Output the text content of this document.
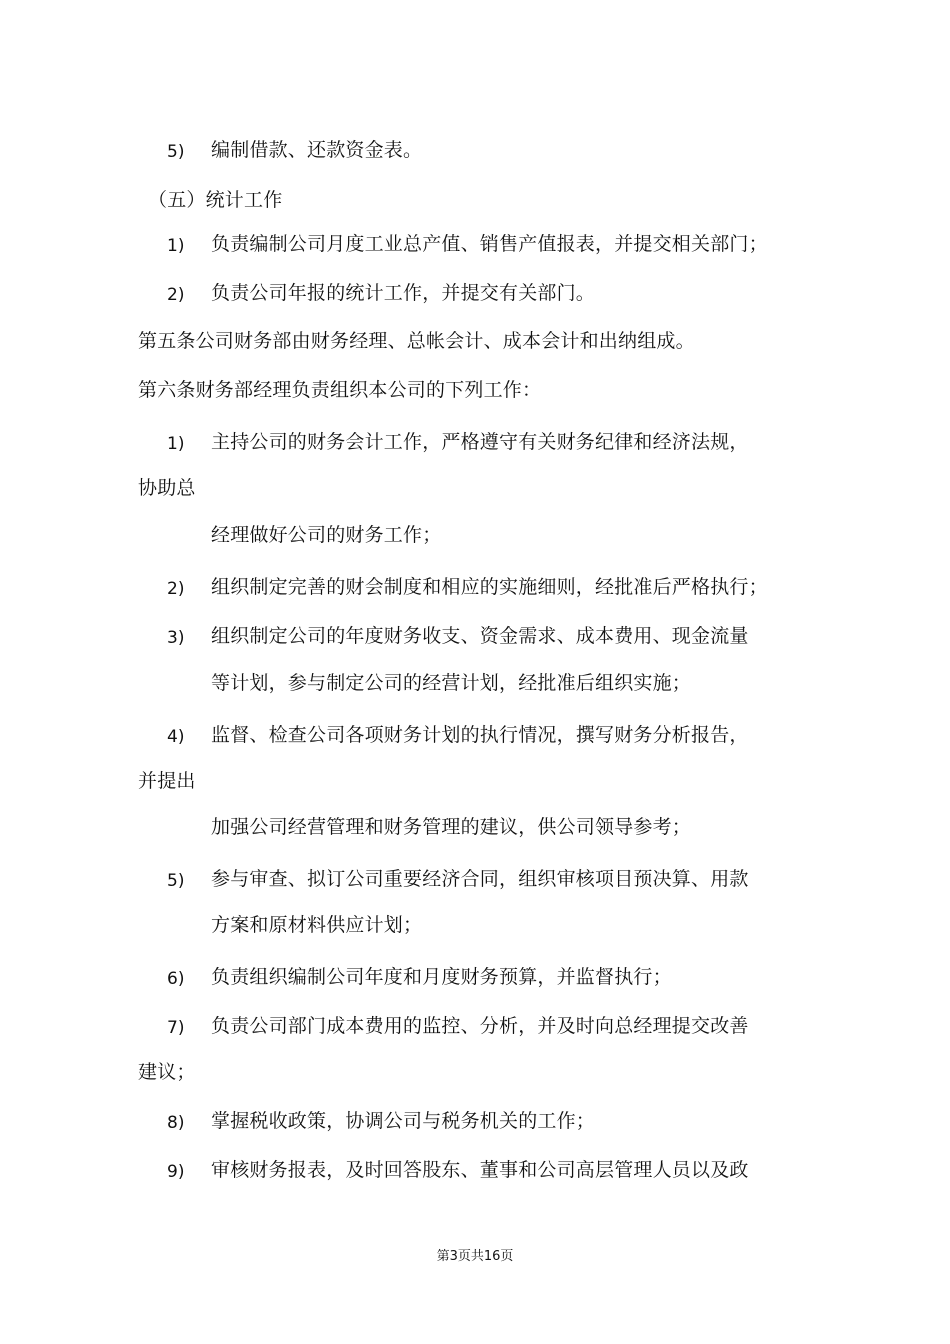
5) 编制借款、还款资金表。
（五）统计工作
1) 负责编制公司月度工业总产值、销售产值报表，并提交相关部门；
2) 负责公司年报的统计工作，并提交有关部门。
第五条公司财务部由财务经理、总帐会计、成本会计和出纳组成。
第六条财务部经理负责组织本公司的下列工作：
1) 主持公司的财务会计工作，严格遵守有关财务纪律和经济法规，
协助总
经理做好公司的财务工作；
2) 组织制定完善的财会制度和相应的实施细则，经批准后严格执行；
3) 组织制定公司的年度财务收支、资金需求、成本费用、现金流量
等计划，参与制定公司的经营计划，经批准后组织实施；
4) 监督、检查公司各项财务计划的执行情况，撰写财务分析报告，
并提出
加强公司经营管理和财务管理的建议，供公司领导参考；
5) 参与审查、拟订公司重要经济合同，组织审核项目预决算、用款
方案和原材料供应计划；
6) 负责组织编制公司年度和月度财务预算，并监督执行；
7) 负责公司部门成本费用的监控、分析，并及时向总经理提交改善
建议；
8) 掌握税收政策，协调公司与税务机关的工作；
9) 审核财务报表，及时回答股东、董事和公司高层管理人员以及政
第3页共16页
